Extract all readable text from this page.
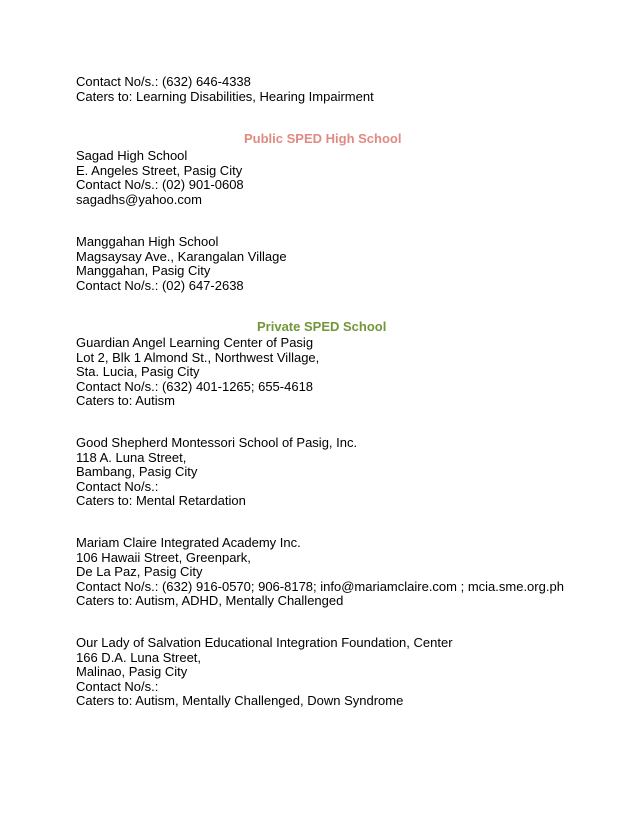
Contact No/s.: (632) 646-4338
Caters to: Learning Disabilities, Hearing Impairment
Public SPED High School
Sagad High School
E. Angeles Street, Pasig City
Contact No/s.: (02) 901-0608
sagadhs@yahoo.com
Manggahan High School
Magsaysay Ave., Karangalan Village
Manggahan, Pasig City
Contact No/s.: (02) 647-2638
Private SPED School
Guardian Angel Learning Center of Pasig
Lot 2, Blk 1 Almond St., Northwest Village,
Sta. Lucia, Pasig City
Contact No/s.: (632) 401-1265; 655-4618
Caters to: Autism
Good Shepherd Montessori School of Pasig, Inc.
118 A. Luna Street,
Bambang, Pasig City
Contact No/s.:
Caters to: Mental Retardation
Mariam Claire Integrated Academy Inc.
106 Hawaii Street, Greenpark,
De La Paz, Pasig City
Contact No/s.: (632) 916-0570; 906-8178; info@mariamclaire.com ; mcia.sme.org.ph
Caters to: Autism, ADHD, Mentally Challenged
Our Lady of Salvation Educational Integration Foundation, Center
166 D.A. Luna Street,
Malinao, Pasig City
Contact No/s.:
Caters to: Autism, Mentally Challenged, Down Syndrome
